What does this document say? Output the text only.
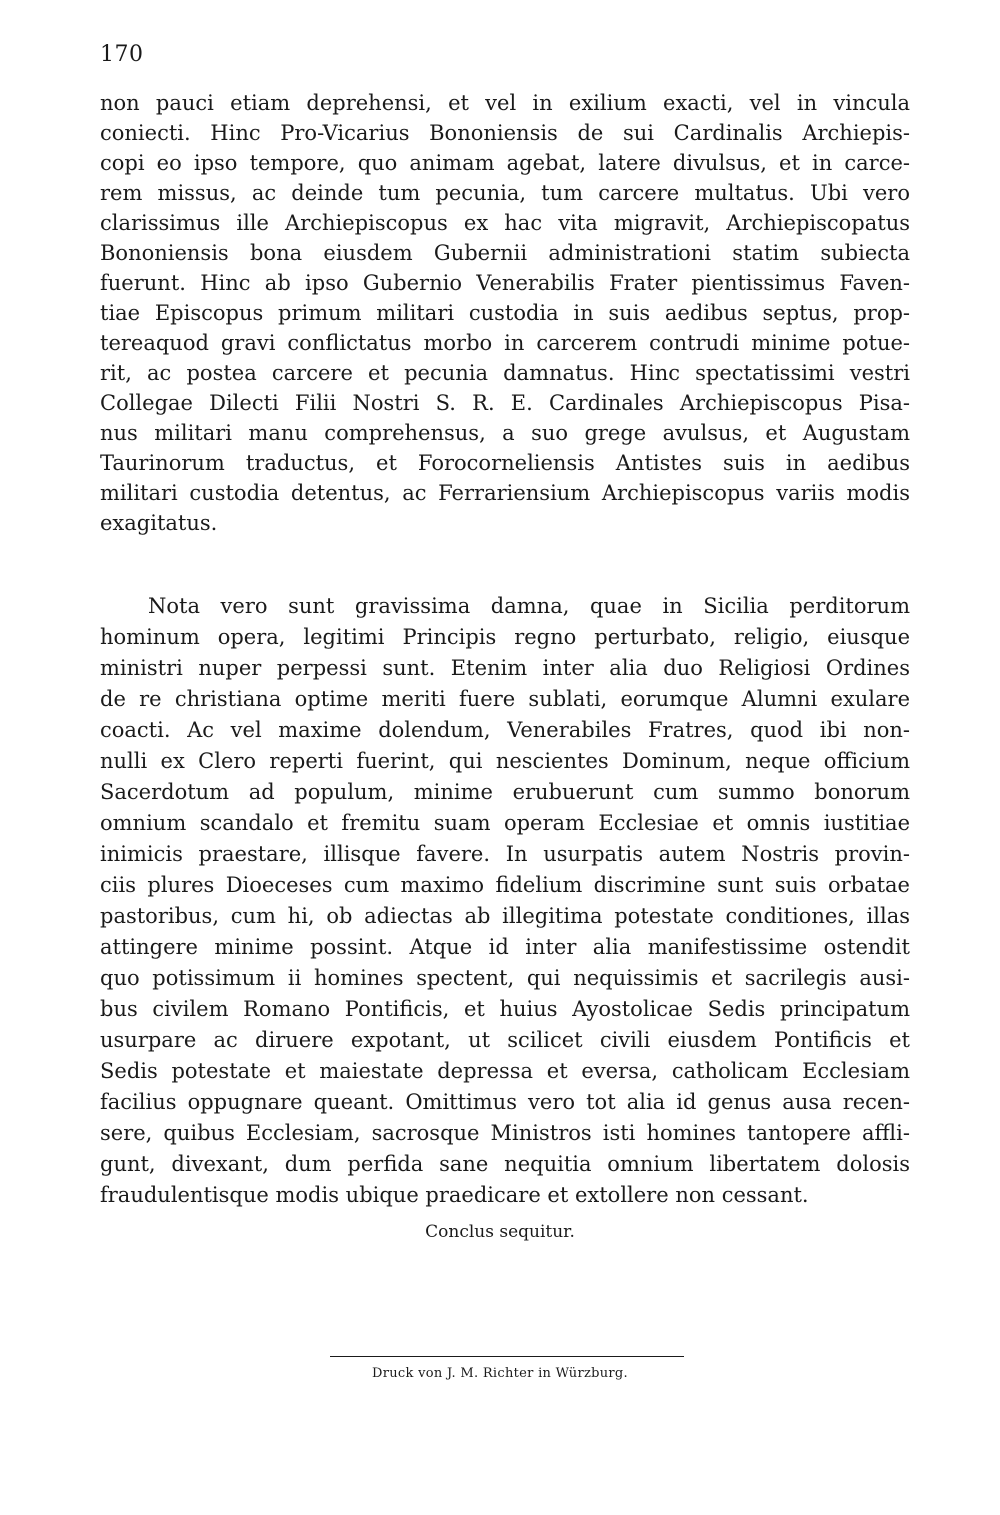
170

non pauci etiam deprehensi, et vel in exilium exacti, vel in vincula
coniecti. Hinc Pro-Vicarius Bononiensis de sui Cardinalis Archiepis-
copi eo ipso tempore, quo animam agebat, latere divulsus, et in carce-
rem missus, ac deinde tum pecunia, tum carcere multatus. Ubi vero
clarissimus ille Archiepiscopus ex hac vita migravit, Archiepiscopatus
Bononiensis bona eiusdem Gubernii administrationi statim subiecta
fuerunt. Hinc ab ipso Gubernio Venerabilis Frater pientissimus Faven-
tiae Episcopus primum militari custodia in suis aedibus septus, prop-
tereaquod gravi conflictatus morbo in carcerem contrudi minime potue-
rit, ac postea carcere et pecunia damnatus. Hinc spectatissimi vestri
Collegae Dilecti Filii Nostri S. R. E. Cardinales Archiepiscopus Pisa-
nus militari manu comprehensus, a suo grege avulsus, et Augustam
Taurinorum traductus, et Forocorneliensis Antistes suis in aedibus
militari custodia detentus, ac Ferrariensium Archiepiscopus variis modis
exagitatus.
Nota vero sunt gravissima damna, quae in Sicilia perditorum
hominum opera, legitimi Principis regno perturbato, religio, eiusque
ministri nuper perpessi sunt. Etenim inter alia duo Religiosi Ordines
de re christiana optime meriti fuere sublati, eorumque Alumni exulare
coacti. Ac vel maxime dolendum, Venerabiles Fratres, quod ibi non-
nulli ex Clero reperti fuerint, qui nescientes Dominum, neque officium
Sacerdotum ad populum, minime erubuerunt cum summo bonorum
omnium scandalo et fremitu suam operam Ecclesiae et omnis iustitiae
inimicis praestare, illisque favere. In usurpatis autem Nostris provin-
ciis plures Dioeceses cum maximo fidelium discrimine sunt suis orbatae
pastoribus, cum hi, ob adiectas ab illegitima potestate conditiones, illas
attingere minime possint. Atque id inter alia manifestissime ostendit
quo potissimum ii homines spectent, qui nequissimis et sacrilegis ausi-
bus civilem Romano Pontificis, et huius Ayostolicae Sedis principatum
usurpare ac diruere expotant, ut scilicet civili eiusdem Pontificis et
Sedis potestate et maiestate depressa et eversa, catholicam Ecclesiam
facilius oppugnare queant. Omittimus vero tot alia id genus ausa recen-
sere, quibus Ecclesiam, sacrosque Ministros isti homines tantopere affli-
gunt, divexant, dum perfida sane nequitia omnium libertatem dolosis
fraudulentisque modis ubique praedicare et extollere non cessant.

Conclus sequitur.

Druck von J. M. Richter in Würzburg.
